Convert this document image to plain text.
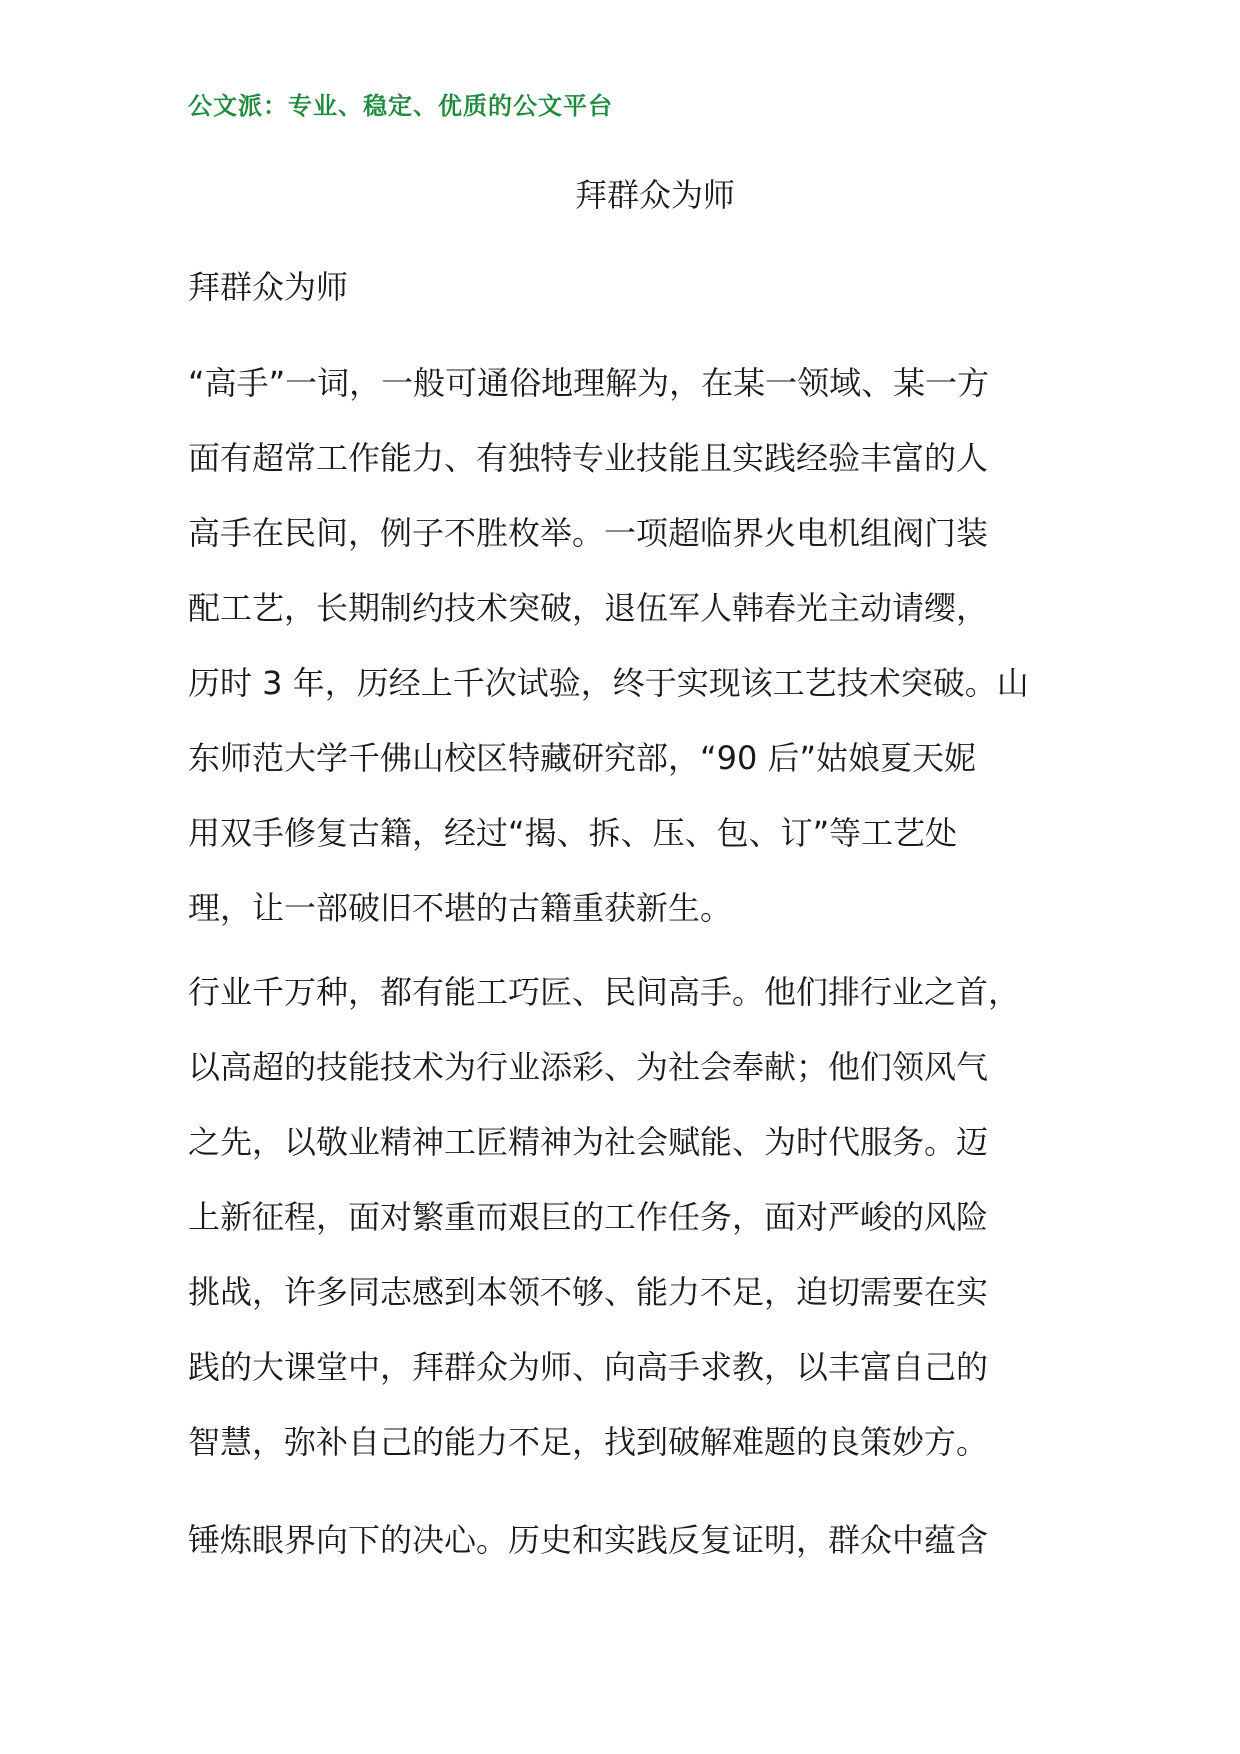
公文派：专业、稳定、优质的公文平台
拜群众为师
拜群众为师
“高手”一词，一般可通俗地理解为，在某一领域、某一方
面有超常工作能力、有独特专业技能且实践经验丰富的人
高手在民间，例子不胜枚举。一项超临界火电机组阀门装
配工艺，长期制约技术突破，退伍军人韩春光主动请缨，
历时 3 年，历经上千次试验，终于实现该工艺技术突破。山
东师范大学千佛山校区特藏研究部，“90 后”姑娘夏天妮
用双手修复古籍，经过“揭、拆、压、包、订”等工艺处
理，让一部破旧不堪的古籍重获新生。
行业千万种，都有能工巧匠、民间高手。他们排行业之首，
以高超的技能技术为行业添彩、为社会奉献；他们领风气
之先，以敬业精神工匠精神为社会赋能、为时代服务。迈
上新征程，面对繁重而艰巨的工作任务，面对严峻的风险
挑战，许多同志感到本领不够、能力不足，迫切需要在实
践的大课堂中，拜群众为师、向高手求教，以丰富自己的
智慧，弥补自己的能力不足，找到破解难题的良策妙方。
锤炼眼界向下的决心。历史和实践反复证明，群众中蕴含
